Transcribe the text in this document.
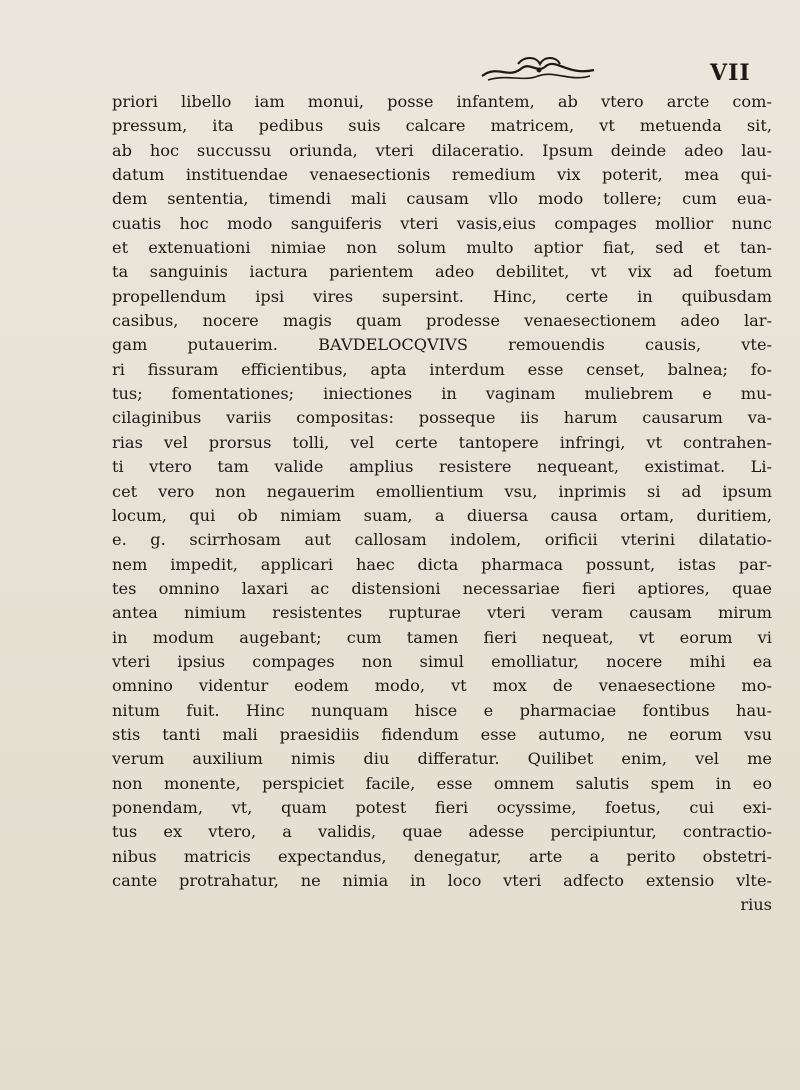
VII
priori libello iam monui, posse infantem, ab vtero arcte com-
pressum, ita pedibus suis calcare matricem, vt metuenda sit,
ab hoc succussu oriunda, vteri dilaceratio. Ipsum deinde adeo lau-
datum instituendae venaesectionis remedium vix poterit, mea qui-
dem sententia, timendi mali causam vllo modo tollere; cum eua-
cuatis hoc modo sanguiferis vteri vasis,eius compages mollior nunc
et extenuationi nimiae non solum multo aptior fiat, sed et tan-
ta sanguinis iactura parientem adeo debilitet, vt vix ad foetum
propellendum ipsi vires supersint. Hinc, certe in quibusdam
casibus, nocere magis quam prodesse venaesectionem adeo lar-
gam putauerim. BAVDELOCQVIVS remouendis causis, vte-
ri fissuram efficientibus, apta interdum esse censet, balnea; fo-
tus; fomentationes; iniectiones in vaginam muliebrem e mu-
cilaginibus variis compositas: posseque iis harum causarum va-
rias vel prorsus tolli, vel certe tantopere infringi, vt contrahen-
ti vtero tam valide amplius resistere nequeant, existimat. Li-
cet vero non negauerim emollientium vsu, inprimis si ad ipsum
locum, qui ob nimiam suam, a diuersa causa ortam, duritiem,
e. g. scirrhosam aut callosam indolem, orificii vterini dilatatio-
nem impedit, applicari haec dicta pharmaca possunt, istas par-
tes omnino laxari ac distensioni necessariae fieri aptiores, quae
antea nimium resistentes rupturae vteri veram causam mirum
in modum augebant; cum tamen fieri nequeat, vt eorum vi
vteri ipsius compages non simul emolliatur, nocere mihi ea
omnino videntur eodem modo, vt mox de venaesectione mo-
nitum fuit. Hinc nunquam hisce e pharmaciae fontibus hau-
stis tanti mali praesidiis fidendum esse autumo, ne eorum vsu
verum auxilium nimis diu differatur. Quilibet enim, vel me
non monente, perspiciet facile, esse omnem salutis spem in eo
ponendam, vt, quam potest fieri ocyssime, foetus, cui exi-
tus ex vtero, a validis, quae adesse percipiuntur, contractio-
nibus matricis expectandus, denegatur, arte a perito obstetri-
cante protrahatur, ne nimia in loco vteri adfecto extensio vlte-
rius
